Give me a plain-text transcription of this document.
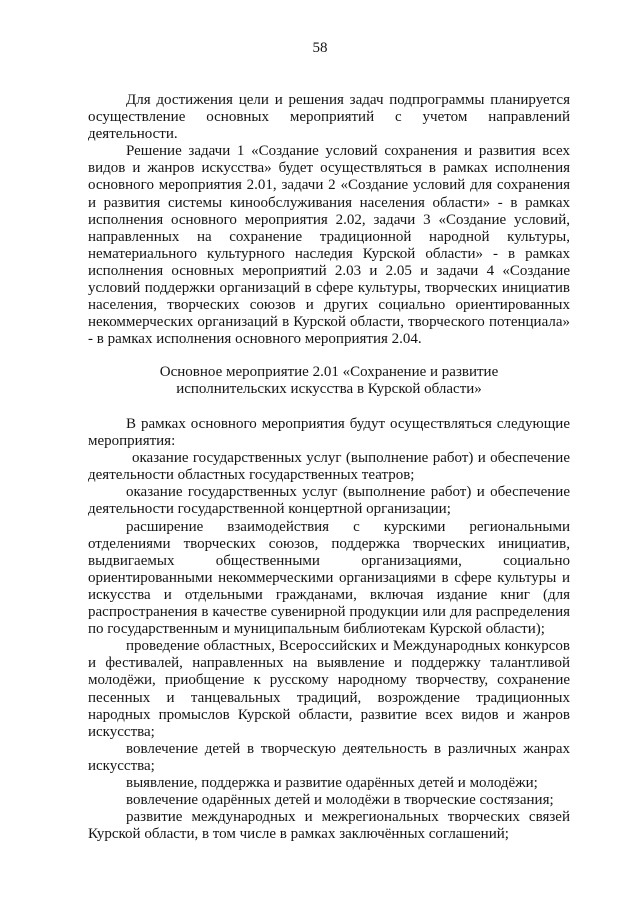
58

Для достижения цели и решения задач подпрограммы планируется осуществление основных мероприятий с учетом направлений деятельности.

Решение задачи 1 «Создание условий сохранения и развития всех видов и жанров искусства» будет осуществляться в рамках исполнения основного мероприятия 2.01, задачи 2 «Создание условий для сохранения и развития системы кинообслуживания населения области» - в рамках исполнения основного мероприятия 2.02, задачи 3 «Создание условий, направленных на сохранение традиционной народной культуры, нематериального культурного наследия Курской области» - в рамках исполнения основных мероприятий 2.03 и 2.05 и задачи 4 «Создание условий поддержки организаций в сфере культуры, творческих инициатив населения, творческих союзов и других социально ориентированных некоммерческих организаций в Курской области, творческого потенциала» - в рамках исполнения основного мероприятия 2.04.

Основное мероприятие 2.01 «Сохранение и развитие
исполнительских искусства в Курской области»

В рамках основного мероприятия будут осуществляться следующие мероприятия:

оказание государственных услуг (выполнение работ) и обеспечение деятельности областных государственных театров;

оказание государственных услуг (выполнение работ) и обеспечение деятельности государственной концертной организации;

расширение взаимодействия с курскими региональными отделениями творческих союзов, поддержка творческих инициатив, выдвигаемых общественными организациями, социально ориентированными некоммерческими организациями в сфере культуры и искусства и отдельными гражданами, включая издание книг (для распространения в качестве сувенирной продукции или для распределения по государственным и муниципальным библиотекам Курской области);

проведение областных, Всероссийских и Международных конкурсов и фестивалей, направленных на выявление и поддержку талантливой молодёжи, приобщение к русскому народному творчеству, сохранение песенных и танцевальных традиций, возрождение традиционных народных промыслов Курской области, развитие всех видов и жанров искусства;

вовлечение детей в творческую деятельность в различных жанрах искусства;

выявление, поддержка и развитие одарённых детей и молодёжи;

вовлечение одарённых детей и молодёжи в творческие состязания;

развитие международных и межрегиональных творческих связей Курской области, в том числе в рамках заключённых соглашений;
